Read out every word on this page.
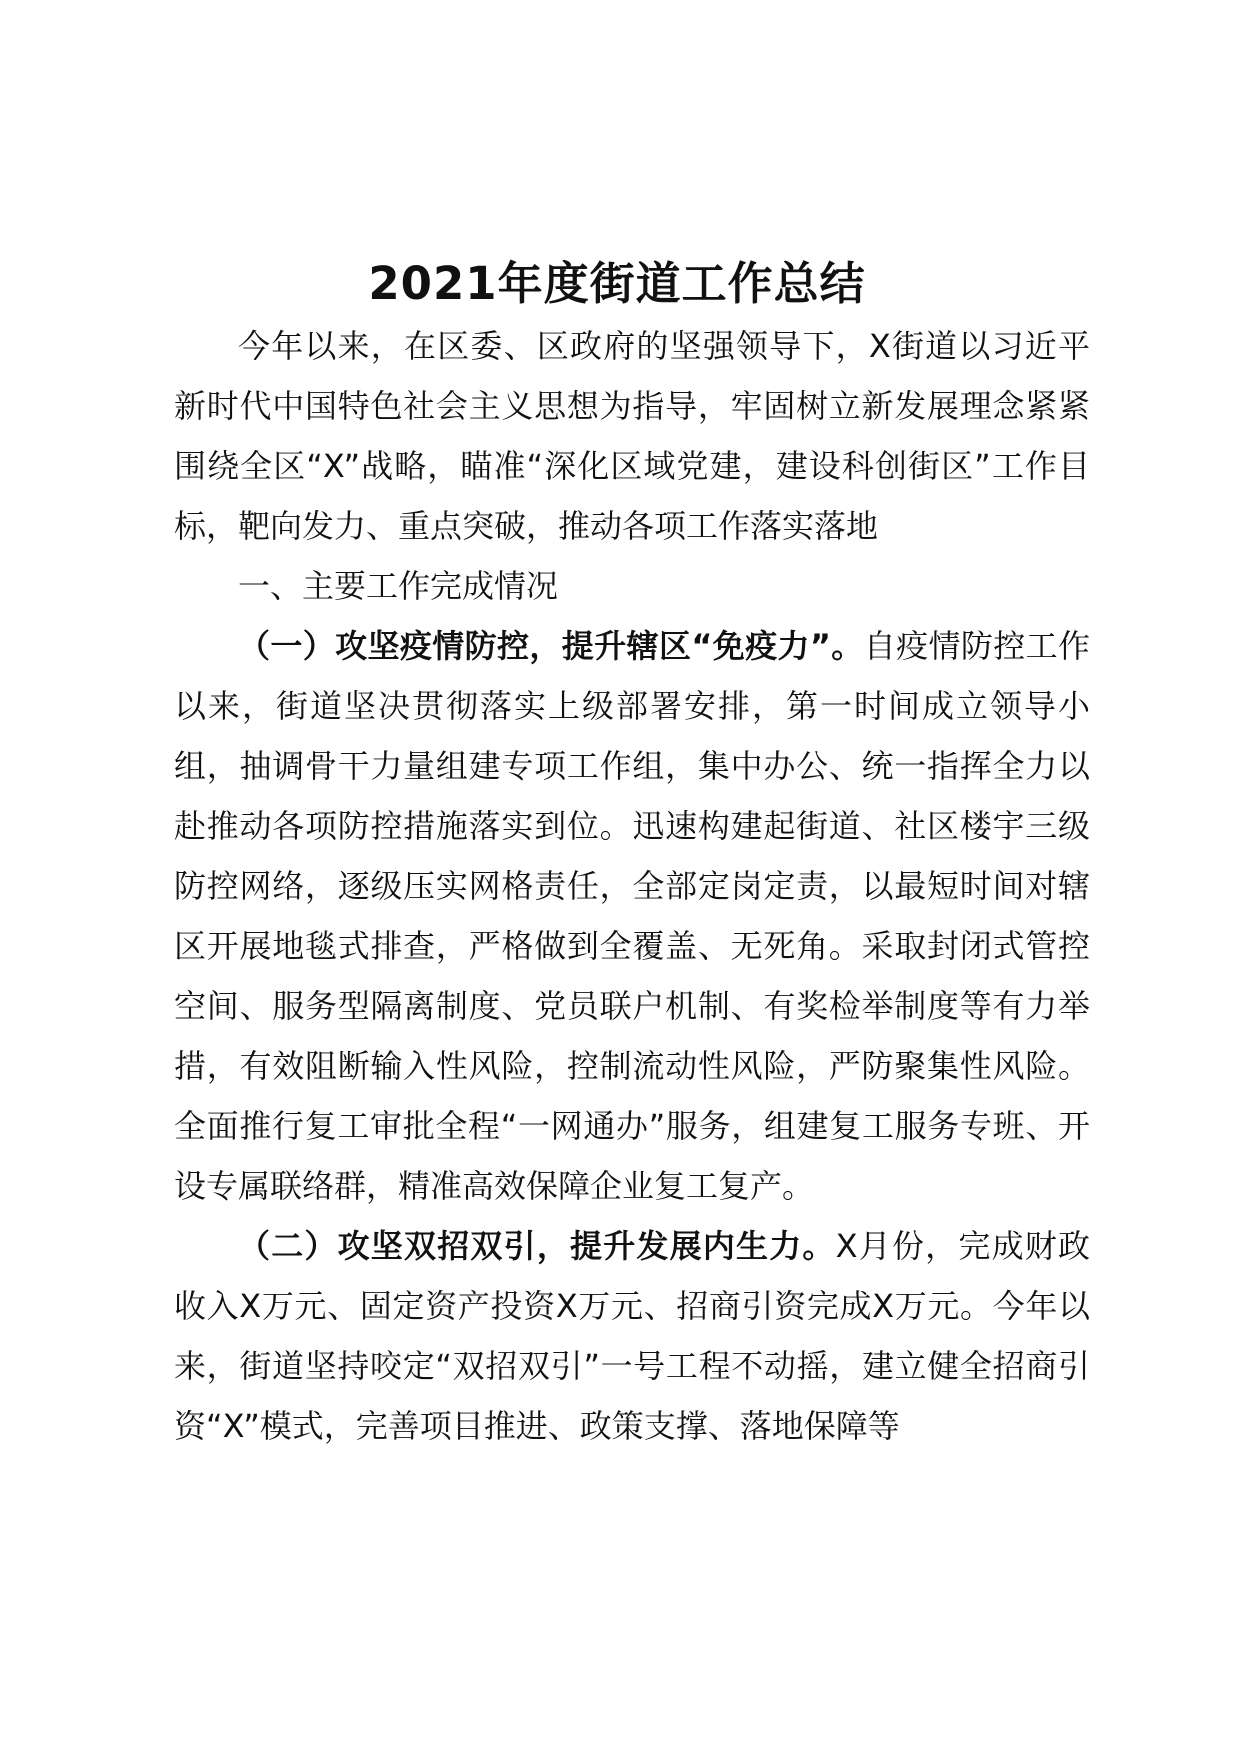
2021年度街道工作总结

今年以来，在区委、区政府的坚强领导下，X街道以习近平新时代中国特色社会主义思想为指导，牢固树立新发展理念紧紧围绕全区“X”战略，瞄准“深化区域党建，建设科创街区”工作目标，靶向发力、重点突破，推动各项工作落实落地

一、主要工作完成情况

（一）攻坚疫情防控，提升辖区“免疫力”。自疫情防控工作以来，街道坚决贯彻落实上级部署安排，第一时间成立领导小组，抽调骨干力量组建专项工作组，集中办公、统一指挥全力以赴推动各项防控措施落实到位。迅速构建起街道、社区楼宇三级防控网络，逐级压实网格责任，全部定岗定责，以最短时间对辖区开展地毯式排查，严格做到全覆盖、无死角。采取封闭式管控空间、服务型隔离制度、党员联户机制、有奖检举制度等有力举措，有效阻断输入性风险，控制流动性风险，严防聚集性风险。全面推行复工审批全程“一网通办”服务，组建复工服务专班、开设专属联络群，精准高效保障企业复工复产。

（二）攻坚双招双引，提升发展内生力。X月份，完成财政收入X万元、固定资产投资X万元、招商引资完成X万元。今年以来，街道坚持咬定“双招双引”一号工程不动摇，建立健全招商引资“X”模式，完善项目推进、政策支撑、落地保障等
